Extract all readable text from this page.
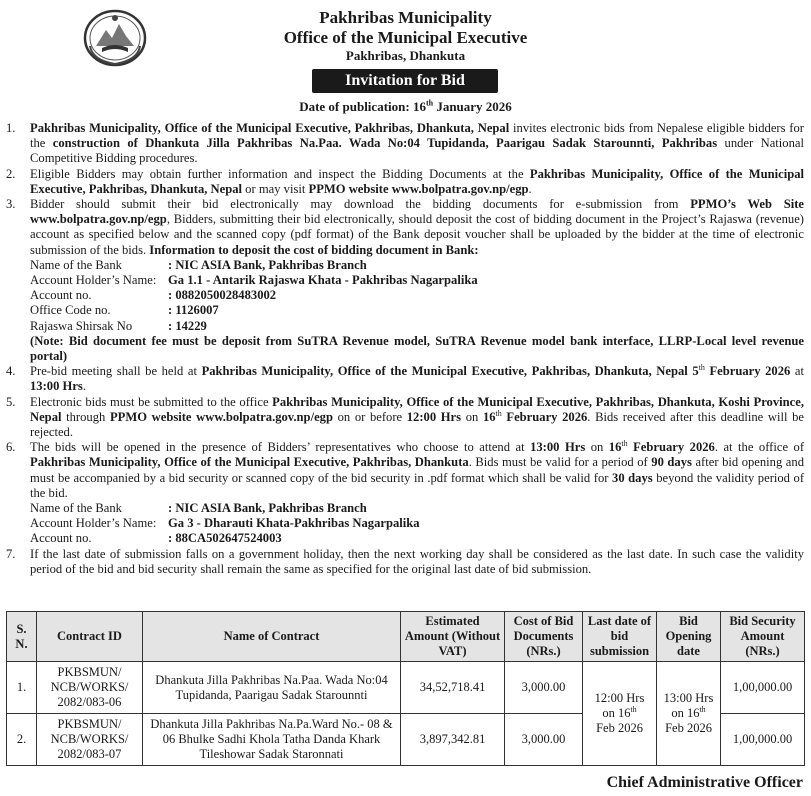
Pakhribas Municipality
Office of the Municipal Executive
Pakhribas, Dhankuta
Invitation for Bid
Date of publication: 16th January 2026
1. Pakhribas Municipality, Office of the Municipal Executive, Pakhribas, Dhankuta, Nepal invites electronic bids from Nepalese eligible bidders for the construction of Dhankuta Jilla Pakhribas Na.Paa. Wada No:04 Tupidanda, Paarigau Sadak Starounnti, Pakhribas under National Competitive Bidding procedures.
2. Eligible Bidders may obtain further information and inspect the Bidding Documents at the Pakhribas Municipality, Office of the Municipal Executive, Pakhribas, Dhankuta, Nepal or may visit PPMO website www.bolpatra.gov.np/egp.
3. Bidder should submit their bid electronically may download the bidding documents for e-submission from PPMO’s Web Site www.bolpatra.gov.np/egp, Bidders, submitting their bid electronically, should deposit the cost of bidding document in the Project’s Rajaswa (revenue) account as specified below and the scanned copy (pdf format) of the Bank deposit voucher shall be uploaded by the bidder at the time of electronic submission of the bids. Information to deposit the cost of bidding document in Bank:
Name of the Bank	: NIC ASIA Bank, Pakhribas Branch
Account Holder’s Name: Ga 1.1 - Antarik Rajaswa Khata - Pakhribas Nagarpalika
Account no.	: 0882050028483002
Office Code no.	: 1126007
Rajaswa Shirsak No	: 14229
(Note: Bid document fee must be deposit from SuTRA Revenue model, SuTRA Revenue model bank interface, LLRP-Local level revenue portal)
4. Pre-bid meeting shall be held at Pakhribas Municipality, Office of the Municipal Executive, Pakhribas, Dhankuta, Nepal 5th February 2026 at 13:00 Hrs.
5. Electronic bids must be submitted to the office Pakhribas Municipality, Office of the Municipal Executive, Pakhribas, Dhankuta, Koshi Province, Nepal through PPMO website www.bolpatra.gov.np/egp on or before 12:00 Hrs on 16th February 2026. Bids received after this deadline will be rejected.
6. The bids will be opened in the presence of Bidders’ representatives who choose to attend at 13:00 Hrs on 16th February 2026. at the office of Pakhribas Municipality, Office of the Municipal Executive, Pakhribas, Dhankuta. Bids must be valid for a period of 90 days after bid opening and must be accompanied by a bid security or scanned copy of the bid security in .pdf format which shall be valid for 30 days beyond the validity period of the bid.
Name of the Bank	: NIC ASIA Bank, Pakhribas Branch
Account Holder’s Name: Ga 3 - Dharauti Khata-Pakhribas Nagarpalika
Account no.	: 88CA502647524003
7. If the last date of submission falls on a government holiday, then the next working day shall be considered as the last date. In such case the validity period of the bid and bid security shall remain the same as specified for the original last date of bid submission.
S. N.	Contract ID	Name of Contract	Estimated Amount (Without VAT)	Cost of Bid Documents (NRs.)	Last date of bid submission	Bid Opening date	Bid Security Amount (NRs.)
1.	PKBSMUN/ NCB/WORKS/ 2082/083-06	Dhankuta Jilla Pakhribas Na.Paa. Wada No:04 Tupidanda, Paarigau Sadak Starounnti	34,52,718.41	3,000.00	12:00 Hrs
on 16th
Feb 2026	13:00 Hrs
on 16th
Feb 2026	1,00,000.00
2.	PKBSMUN/ NCB/WORKS/ 2082/083-07	Dhankuta Jilla Pakhribas Na.Pa.Ward No.- 08 & 06 Bhulke Sadhi Khola Tatha Danda Khark Tileshowar Sadak Staronnati	3,897,342.81	3,000.00			1,00,000.00
Chief Administrative Officer
